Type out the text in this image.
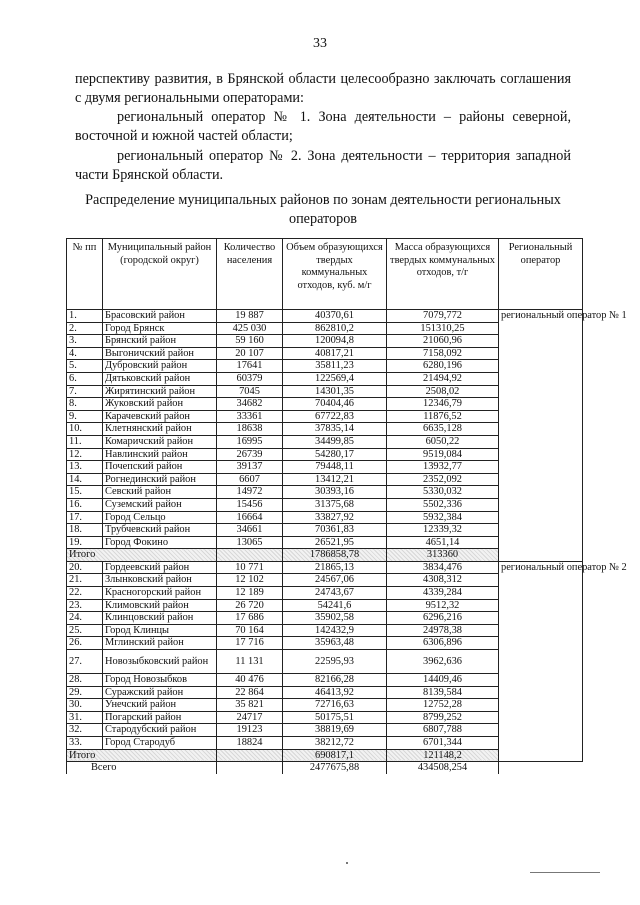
33

перспективу развития, в Брянской области целесообразно заключать соглашения с двумя региональными операторами:

региональный оператор № 1. Зона деятельности – районы северной, восточной и южной частей области;

региональный оператор № 2. Зона деятельности – территория западной части Брянской области.

Распределение муниципальных районов по зонам деятельности региональных операторов
№ пп	Муниципальный район (городской округ)	Количество населения	Объем образующихся твердых коммунальных отходов, куб. м/г	Масса образующихся твердых коммунальных отходов, т/г	Региональный оператор
1.	Брасовский район	19 887	40370,61	7079,772	региональный оператор № 1
2.	Город Брянск	425 030	862810,2	151310,25	
3.	Брянский район	59 160	120094,8	21060,96	
4.	Выгоничский район	20 107	40817,21	7158,092	
5.	Дубровский район	17641	35811,23	6280,196	
6.	Дятьковский район	60379	122569,4	21494,92	
7.	Жирятинский район	7045	14301,35	2508,02	
8.	Жуковский район	34682	70404,46	12346,79	
9.	Карачевский район	33361	67722,83	11876,52	
10.	Клетнянский район	18638	37835,14	6635,128	
11.	Комаричский район	16995	34499,85	6050,22	
12.	Навлинский район	26739	54280,17	9519,084	
13.	Почепский район	39137	79448,11	13932,77	
14.	Рогнединский район	6607	13412,21	2352,092	
15.	Севский район	14972	30393,16	5330,032	
16.	Суземский район	15456	31375,68	5502,336	
17.	Город Сельцо	16664	33827,92	5932,384	
18.	Трубчевский район	34661	70361,83	12339,32	
19.	Город Фокино	13065	26521,95	4651,14	
Итого			1786858,78	313360	
20.	Гордеевский район	10 771	21865,13	3834,476	региональный оператор № 2
21.	Злынковский район	12 102	24567,06	4308,312	
22.	Красногорский район	12 189	24743,67	4339,284	
23.	Климовский район	26 720	54241,6	9512,32	
24.	Клинцовский район	17 686	35902,58	6296,216	
25.	Город Клинцы	70 164	142432,9	24978,38	
26.	Мглинский район	17 716	35963,48	6306,896	
27.	Новозыбковский район	11 131	22595,93	3962,636	
28.	Город Новозыбков	40 476	82166,28	14409,46	
29.	Суражский район	22 864	46413,92	8139,584	
30.	Унечский район	35 821	72716,63	12752,28	
31.	Погарский район	24717	50175,51	8799,252	
32.	Стародубский район	19123	38819,69	6807,788	
33.	Город Стародуб	18824	38212,72	6701,344	
Итого			690817,1	121148,2	
Всего			2477675,88	434508,254	
